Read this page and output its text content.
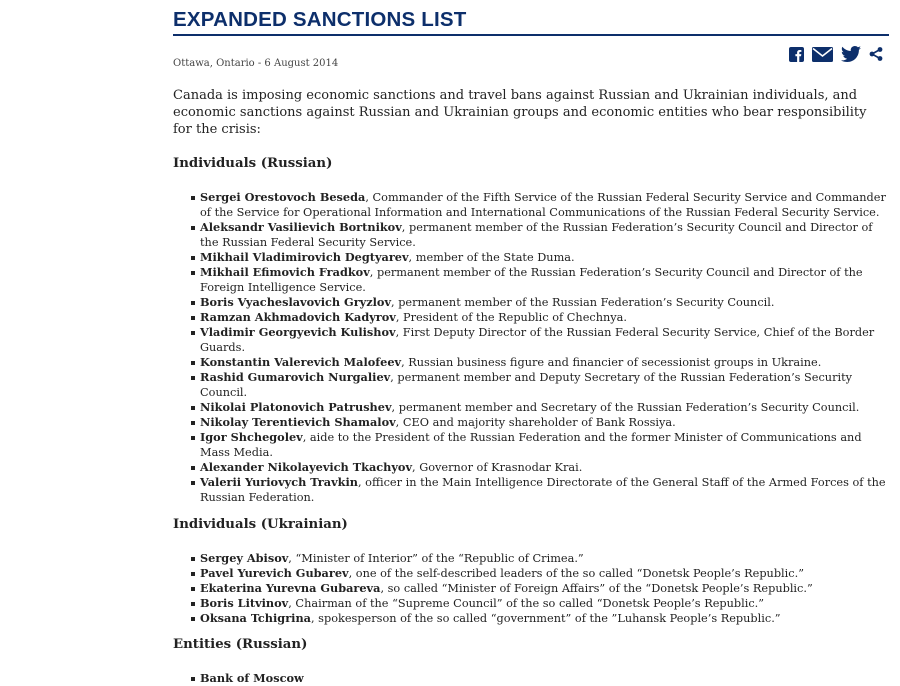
EXPANDED SANCTIONS LIST

Ottawa, Ontario - 6 August 2014

Canada is imposing economic sanctions and travel bans against Russian and Ukrainian individuals, and economic sanctions against Russian and Ukrainian groups and economic entities who bear responsibility for the crisis:

Individuals (Russian)
Sergei Orestovoch Beseda, Commander of the Fifth Service of the Russian Federal Security Service and Commander of the Service for Operational Information and International Communications of the Russian Federal Security Service.
Aleksandr Vasilievich Bortnikov, permanent member of the Russian Federation’s Security Council and Director of the Russian Federal Security Service.
Mikhail Vladimirovich Degtyarev, member of the State Duma.
Mikhail Efimovich Fradkov, permanent member of the Russian Federation’s Security Council and Director of the Foreign Intelligence Service.
Boris Vyacheslavovich Gryzlov, permanent member of the Russian Federation’s Security Council.
Ramzan Akhmadovich Kadyrov, President of the Republic of Chechnya.
Vladimir Georgyevich Kulishov, First Deputy Director of the Russian Federal Security Service, Chief of the Border Guards.
Konstantin Valerevich Malofeev, Russian business figure and financier of secessionist groups in Ukraine.
Rashid Gumarovich Nurgaliev, permanent member and Deputy Secretary of the Russian Federation’s Security Council.
Nikolai Platonovich Patrushev, permanent member and Secretary of the Russian Federation’s Security Council.
Nikolay Terentievich Shamalov, CEO and majority shareholder of Bank Rossiya.
Igor Shchegolev, aide to the President of the Russian Federation and the former Minister of Communications and Mass Media.
Alexander Nikolayevich Tkachyov, Governor of Krasnodar Krai.
Valerii Yuriovych Travkin, officer in the Main Intelligence Directorate of the General Staff of the Armed Forces of the Russian Federation.
Individuals (Ukrainian)
Sergey Abisov, “Minister of Interior” of the “Republic of Crimea.”
Pavel Yurevich Gubarev, one of the self-described leaders of the so called “Donetsk People’s Republic.”
Ekaterina Yurevna Gubareva, so called “Minister of Foreign Affairs” of the “Donetsk People’s Republic.”
Boris Litvinov, Chairman of the “Supreme Council” of the so called “Donetsk People’s Republic.”
Oksana Tchigrina, spokesperson of the so called “government” of the ”Luhansk People’s Republic.”
Entities (Russian)
Bank of Moscow
